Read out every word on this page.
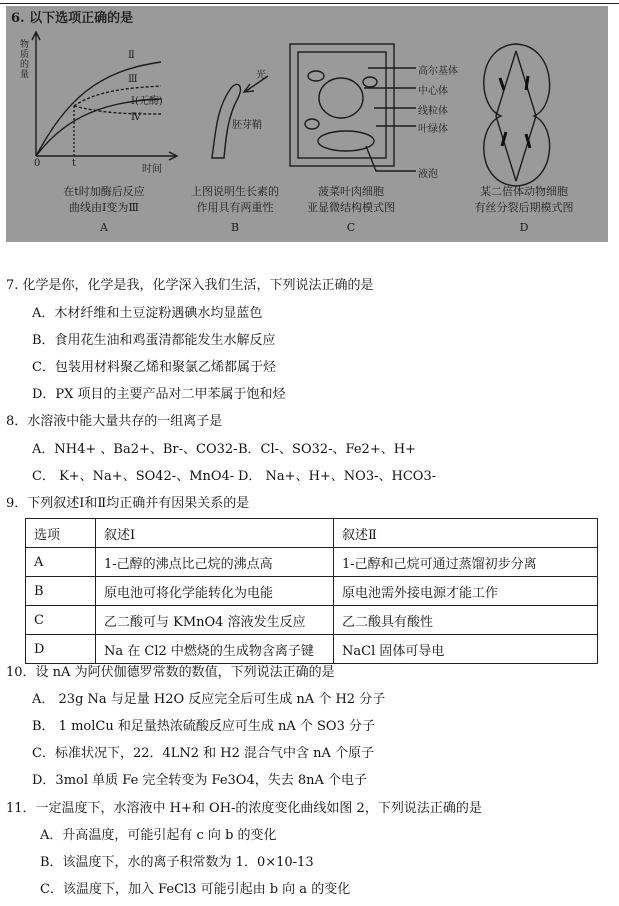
6. 以下选项正确的是
物质的量
Ⅱ
Ⅲ
Ⅰ(无酶)
Ⅳ
0	t
时间
在t时加酶后反应
曲线由Ⅰ变为Ⅲ
A
光
胚芽鞘
上图说明生长素的
作用具有两重性
B
高尔基体
中心体
线粒体
叶绿体
液泡
菠菜叶肉细胞
亚显微结构模式图
C
某二倍体动物细胞
有丝分裂后期模式图
D
7. 化学是你，化学是我，化学深入我们生活，下列说法正确的是
A．木材纤维和土豆淀粉遇碘水均显蓝色
B．食用花生油和鸡蛋清都能发生水解反应
C．包装用材料聚乙烯和聚氯乙烯都属于烃
D．PX 项目的主要产品对二甲苯属于饱和烃
8．水溶液中能大量共存的一组离子是
A．NH4+ 、Ba2+、Br-、CO32- B．Cl-、SO32-、Fe2+、H+
C． K+、Na+、SO42-、MnO4- D． Na+、H+、NO3-、HCO3-
9．下列叙述Ⅰ和Ⅱ均正确并有因果关系的是
选项	叙述Ⅰ	叙述Ⅱ
A	1-己醇的沸点比己烷的沸点高	1-己醇和己烷可通过蒸馏初步分离
B	原电池可将化学能转化为电能	原电池需外接电源才能工作
C	乙二酸可与 KMnO4 溶液发生反应	乙二酸具有酸性
D	Na 在 Cl2 中燃烧的生成物含离子键	NaCl 固体可导电
10．设 nA 为阿伏伽德罗常数的数值，下列说法正确的是
A． 23g Na 与足量 H2O 反应完全后可生成 nA 个 H2 分子
B． 1 molCu 和足量热浓硫酸反应可生成 nA 个 SO3 分子
C．标准状况下，22．4LN2 和 H2 混合气中含 nA 个原子
D．3mol 单质 Fe 完全转变为 Fe3O4，失去 8nA 个电子
11．一定温度下，水溶液中 H+和 OH-的浓度变化曲线如图 2，下列说法正确的是
A．升高温度，可能引起有 c 向 b 的变化
B．该温度下，水的离子积常数为 1．0×10-13
C．该温度下，加入 FeCl3 可能引起由 b 向 a 的变化
